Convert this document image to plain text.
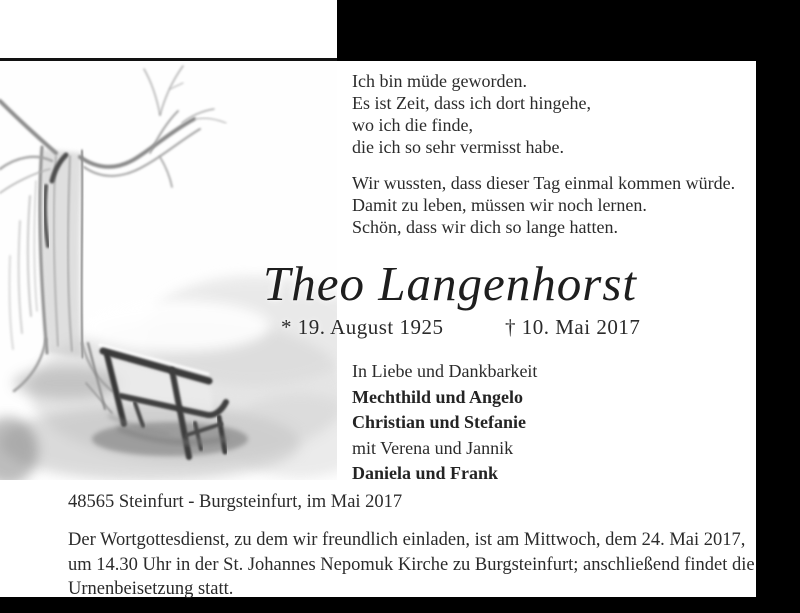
Ich bin müde geworden.
Es ist Zeit, dass ich dort hingehe,
wo ich die finde,
die ich so sehr vermisst habe.
Wir wussten, dass dieser Tag einmal kommen würde.
Damit zu leben, müssen wir noch lernen.
Schön, dass wir dich so lange hatten.
Theo Langenhorst
* 19. August 1925	† 10. Mai 2017
In Liebe und Dankbarkeit
Mechthild und Angelo
Christian und Stefanie
mit Verena und Jannik
Daniela und Frank
48565 Steinfurt - Burgsteinfurt, im Mai 2017
Der Wortgottesdienst, zu dem wir freundlich einladen, ist am Mittwoch, dem 24. Mai 2017,
um 14.30 Uhr in der St. Johannes Nepomuk Kirche zu Burgsteinfurt; anschließend findet die
Urnenbeisetzung statt.
